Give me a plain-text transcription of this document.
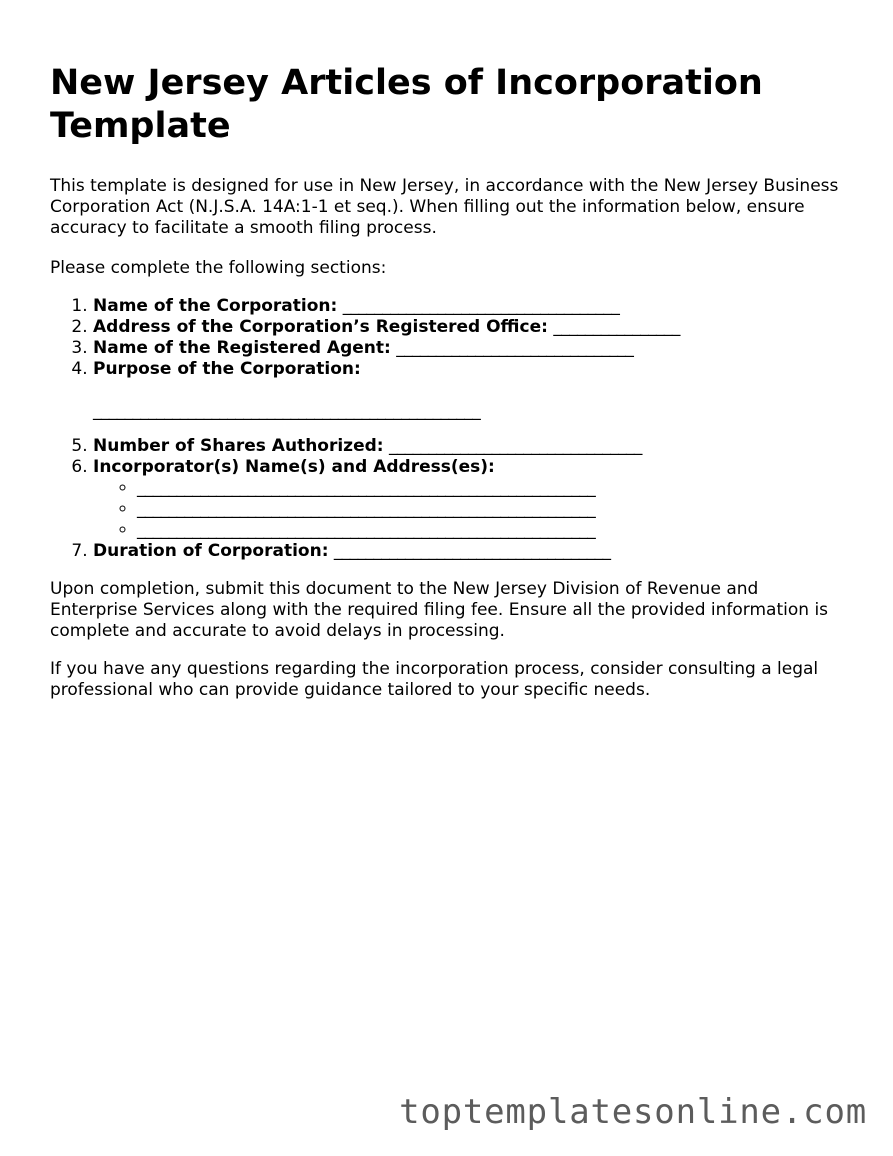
New Jersey Articles of Incorporation Template

This template is designed for use in New Jersey, in accordance with the New Jersey Business Corporation Act (N.J.S.A. 14A:1-1 et seq.). When filling out the information below, ensure accuracy to facilitate a smooth filing process.

Please complete the following sections:

1. Name of the Corporation: ___________________________________
2. Address of the Corporation’s Registered Office: ________________
3. Name of the Registered Agent: ______________________________
4. Purpose of the Corporation:
_________________________________________________
5. Number of Shares Authorized: ________________________________
6. Incorporator(s) Name(s) and Address(es):
◦ __________________________________________________________
◦ __________________________________________________________
◦ __________________________________________________________
7. Duration of Corporation: ___________________________________

Upon completion, submit this document to the New Jersey Division of Revenue and Enterprise Services along with the required filing fee. Ensure all the provided information is complete and accurate to avoid delays in processing.

If you have any questions regarding the incorporation process, consider consulting a legal professional who can provide guidance tailored to your specific needs.

toptemplatesonline.com
